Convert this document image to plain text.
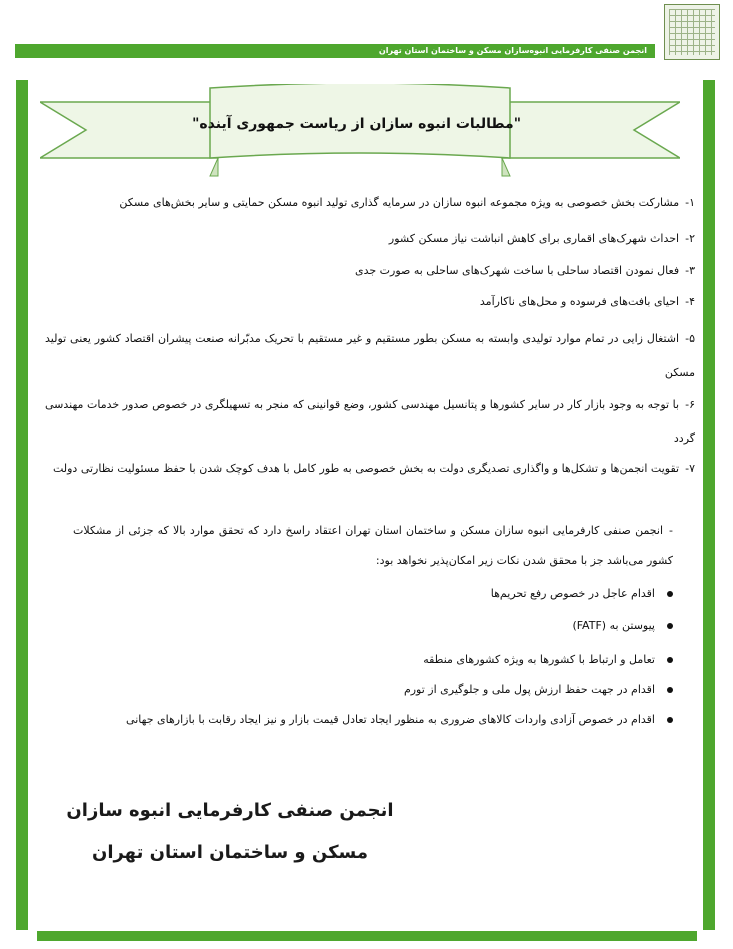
انجمن صنفی کارفرمایی انبوه‌سازان مسکن و ساختمان استان تهران
"مطالبات انبوه سازان از ریاست جمهوری آینده"
۱-مشارکت بخش خصوصی به ویژه مجموعه انبوه سازان در سرمایه گذاری تولید انبوه مسکن حمایتی و سایر بخش‌های مسکن
۲-احداث شهرک‌های اقماری برای کاهش انباشت نیاز مسکن کشور
۳-فعال نمودن اقتصاد ساحلی با ساخت شهرک‌های ساحلی به صورت جدی
۴-احیای بافت‌های فرسوده و محل‌های ناکارآمد
۵-اشتغال زایی در تمام موارد تولیدی وابسته به مسکن بطور مستقیم و غیر مستقیم با تحریک مدبّرانه صنعت پیشران اقتصاد کشور یعنی تولید مسکن
۶-با توجه به وجود بازار کار در سایر کشورها و پتانسیل مهندسی کشور، وضع قوانینی که منجر به تسهیلگری در خصوص صدور خدمات مهندسی گردد
۷-تقویت انجمن‌ها و تشکل‌ها و واگذاری تصدیگری دولت به بخش خصوصی به طور کامل با هدف کوچک شدن با حفظ مسئولیت نظارتی دولت
-انجمن صنفی کارفرمایی انبوه سازان مسکن و ساختمان استان تهران اعتقاد راسخ دارد که تحقق موارد بالا که جزئی از مشکلات کشور می‌باشد جز با محقق شدن نکات زیر امکان‌پذیر نخواهد بود:
اقدام عاجل در خصوص رفع تحریم‌ها
پیوستن به (FATF)
تعامل و ارتباط با کشورها به ویژه کشورهای منطقه
اقدام در جهت حفظ ارزش پول ملی و جلوگیری از تورم
اقدام در خصوص آزادی واردات کالاهای ضروری به منظور ایجاد تعادل قیمت بازار و نیز ایجاد رقابت با بازارهای جهانی
انجمن صنفی کارفرمایی انبوه سازان
مسکن و ساختمان استان تهران
